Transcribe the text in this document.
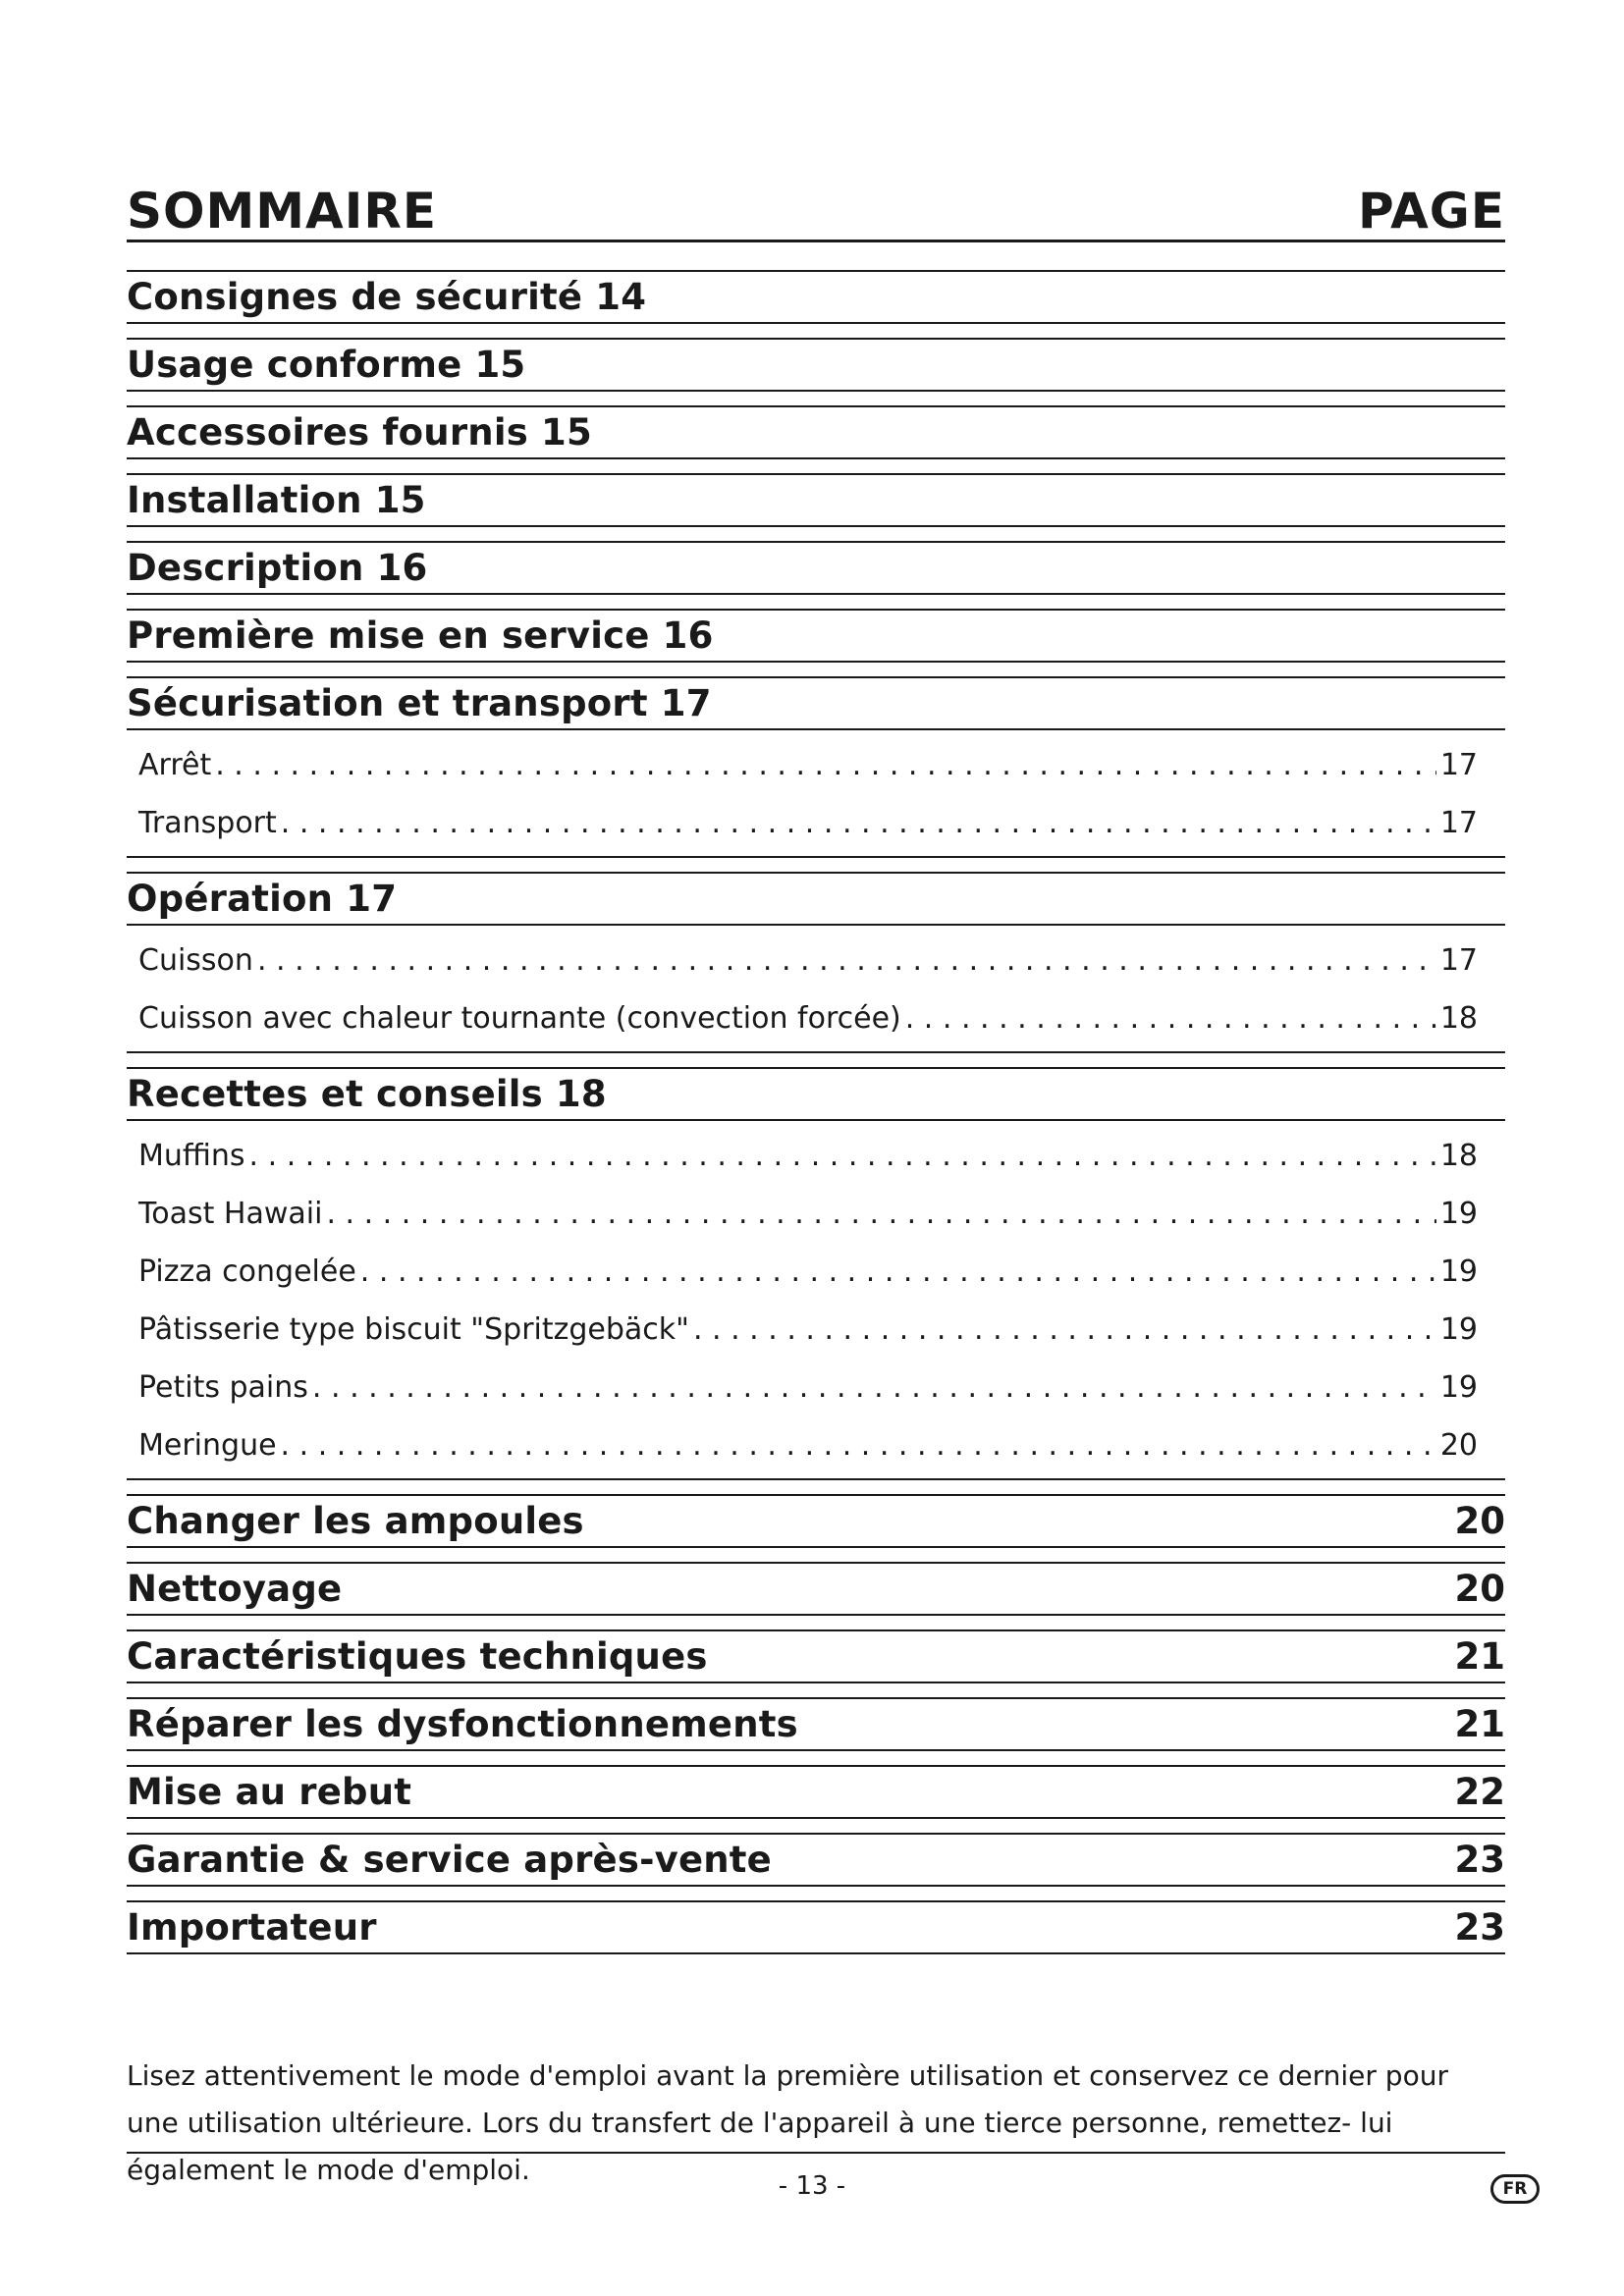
SOMMAIRE	PAGE
Consignes de sécurité 14
Usage conforme 15
Accessoires fournis 15
Installation 15
Description 16
Première mise en service 16
Sécurisation et transport 17
Arrêt . . .	17
Transport . . .	17
Opération 17
Cuisson . . .	17
Cuisson avec chaleur tournante (convection forcée) . . .	18
Recettes et conseils 18
Muffins . . .	18
Toast Hawaii . . .	19
Pizza congelée . . .	19
Pâtisserie type biscuit "Spritzgebäck" . . .	19
Petits pains . . .	19
Meringue . . .	20
Changer les ampoules	20
Nettoyage	20
Caractéristiques techniques	21
Réparer les dysfonctionnements	21
Mise au rebut	22
Garantie & service après-vente	23
Importateur	23
Lisez attentivement le mode d'emploi avant la première utilisation et conservez ce dernier pour une utilisation ultérieure. Lors du transfert de l'appareil à une tierce personne, remettez- lui également le mode d'emploi.	- 13 -	FR
